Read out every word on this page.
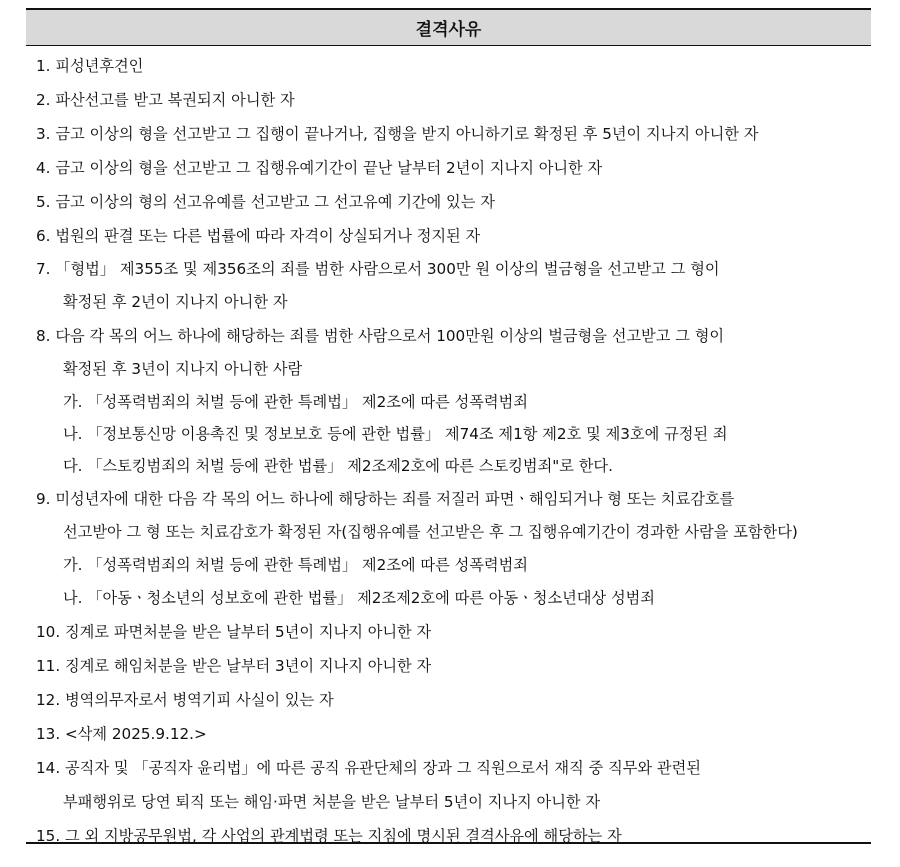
결격사유
1. 피성년후견인
2. 파산선고를 받고 복권되지 아니한 자
3. 금고 이상의 형을 선고받고 그 집행이 끝나거나, 집행을 받지 아니하기로 확정된 후 5년이 지나지 아니한 자
4. 금고 이상의 형을 선고받고 그 집행유예기간이 끝난 날부터 2년이 지나지 아니한 자
5. 금고 이상의 형의 선고유예를 선고받고 그 선고유예 기간에 있는 자
6. 법원의 판결 또는 다른 법률에 따라 자격이 상실되거나 정지된 자
7. 「형법」 제355조 및 제356조의 죄를 범한 사람으로서 300만 원 이상의 벌금형을 선고받고 그 형이
확정된 후 2년이 지나지 아니한 자
8. 다음 각 목의 어느 하나에 해당하는 죄를 범한 사람으로서 100만원 이상의 벌금형을 선고받고 그 형이
확정된 후 3년이 지나지 아니한 사람
가. 「성폭력범죄의 처벌 등에 관한 특례법」 제2조에 따른 성폭력범죄
나. 「정보통신망 이용촉진 및 정보보호 등에 관한 법률」 제74조 제1항 제2호 및 제3호에 규정된 죄
다. 「스토킹범죄의 처벌 등에 관한 법률」 제2조제2호에 따른 스토킹범죄"로 한다.
9. 미성년자에 대한 다음 각 목의 어느 하나에 해당하는 죄를 저질러 파면ㆍ해임되거나 형 또는 치료감호를
선고받아 그 형 또는 치료감호가 확정된 자(집행유예를 선고받은 후 그 집행유예기간이 경과한 사람을 포함한다)
가. 「성폭력범죄의 처벌 등에 관한 특례법」 제2조에 따른 성폭력범죄
나. 「아동ㆍ청소년의 성보호에 관한 법률」 제2조제2호에 따른 아동ㆍ청소년대상 성범죄
10. 징계로 파면처분을 받은 날부터 5년이 지나지 아니한 자
11. 징계로 해임처분을 받은 날부터 3년이 지나지 아니한 자
12. 병역의무자로서 병역기피 사실이 있는 자
13. <삭제 2025.9.12.>
14. 공직자 및 「공직자 윤리법」에 따른 공직 유관단체의 장과 그 직원으로서 재직 중 직무와 관련된
부패행위로 당연 퇴직 또는 해임·파면 처분을 받은 날부터 5년이 지나지 아니한 자
15. 그 외 지방공무원법, 각 사업의 관계법령 또는 지침에 명시된 결격사유에 해당하는 자
